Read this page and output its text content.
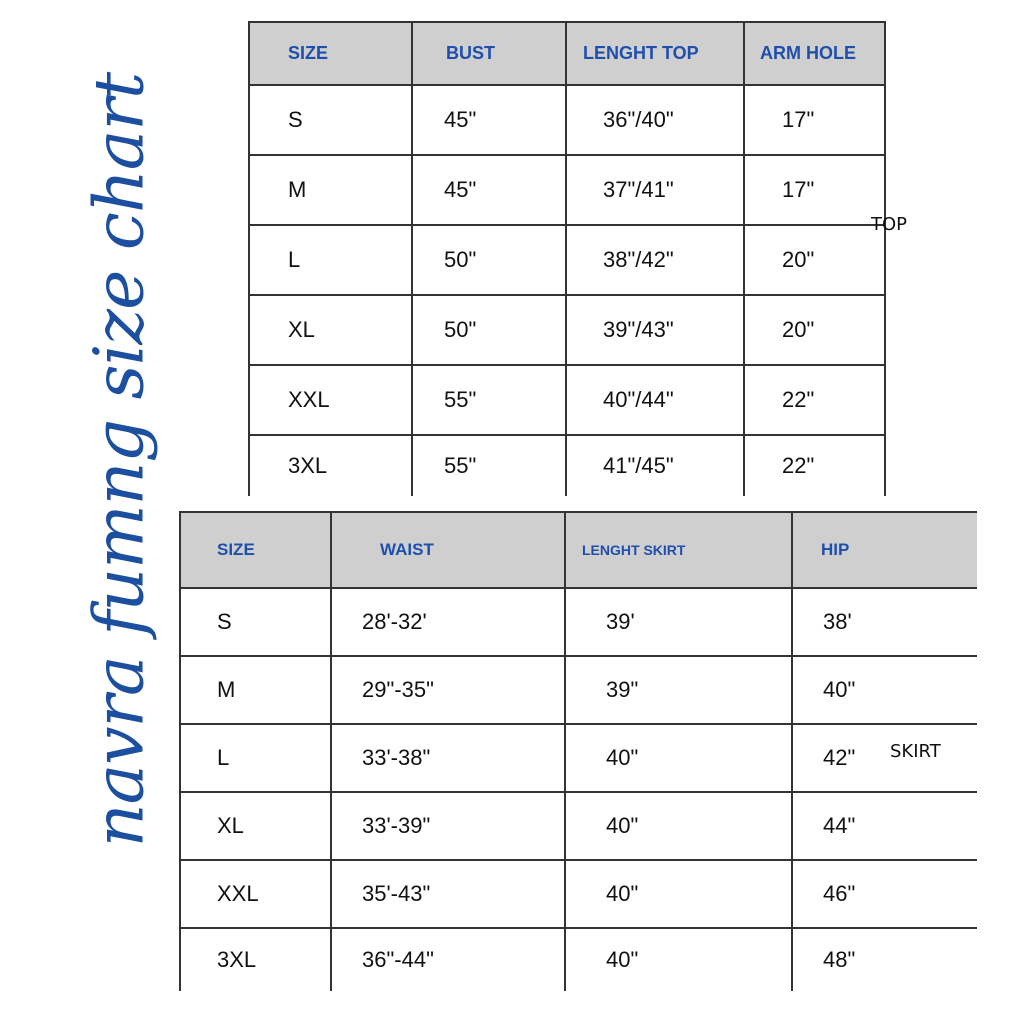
navra fumng size chart
SIZE	BUST	LENGHT TOP	ARM HOLE
S	45"	36"/40"	17"
M	45"	37"/41"	17"
L	50"	38"/42"	20"
XL	50"	39"/43"	20"
XXL	55"	40"/44"	22"
3XL	55"	41"/45"	22"
SIZE	WAIST	LENGHT SKIRT	HIP
S	28'-32'	39'	38'
M	29"-35"	39"	40"
L	33'-38"	40"	42"
XL	33'-39"	40"	44"
XXL	35'-43"	40"	46"
3XL	36"-44"	40"	48"
TOP
SKIRT
